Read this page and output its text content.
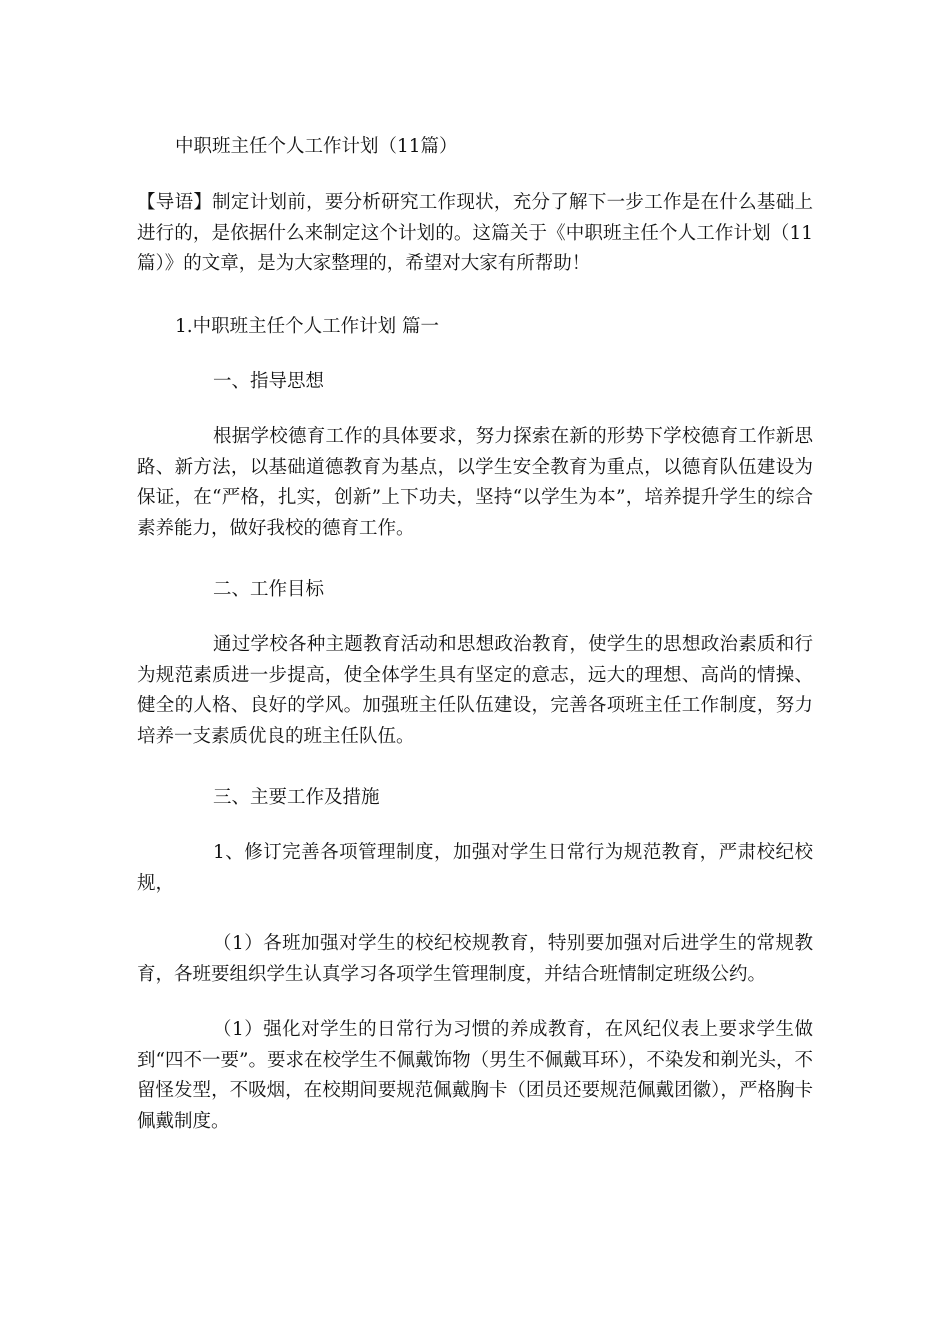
中职班主任个人工作计划（11篇）

【导语】制定计划前，要分析研究工作现状，充分了解下一步工作是在什么基础上进行的，是依据什么来制定这个计划的。这篇关于《中职班主任个人工作计划（11篇）》的文章，是为大家整理的，希望对大家有所帮助！

1.中职班主任个人工作计划 篇一

一、指导思想

根据学校德育工作的具体要求，努力探索在新的形势下学校德育工作新思路、新方法，以基础道德教育为基点，以学生安全教育为重点，以德育队伍建设为保证，在“严格，扎实，创新”上下功夫，坚持“以学生为本”，培养提升学生的综合素养能力，做好我校的德育工作。

二、工作目标

通过学校各种主题教育活动和思想政治教育，使学生的思想政治素质和行为规范素质进一步提高，使全体学生具有坚定的意志，远大的理想、高尚的情操、健全的人格、良好的学风。加强班主任队伍建设，完善各项班主任工作制度，努力培养一支素质优良的班主任队伍。

三、主要工作及措施

1、修订完善各项管理制度，加强对学生日常行为规范教育，严肃校纪校规，

（1）各班加强对学生的校纪校规教育，特别要加强对后进学生的常规教育，各班要组织学生认真学习各项学生管理制度，并结合班情制定班级公约。

（1）强化对学生的日常行为习惯的养成教育，在风纪仪表上要求学生做到“四不一要”。要求在校学生不佩戴饰物（男生不佩戴耳环），不染发和剃光头，不留怪发型，不吸烟，在校期间要规范佩戴胸卡（团员还要规范佩戴团徽），严格胸卡佩戴制度。
